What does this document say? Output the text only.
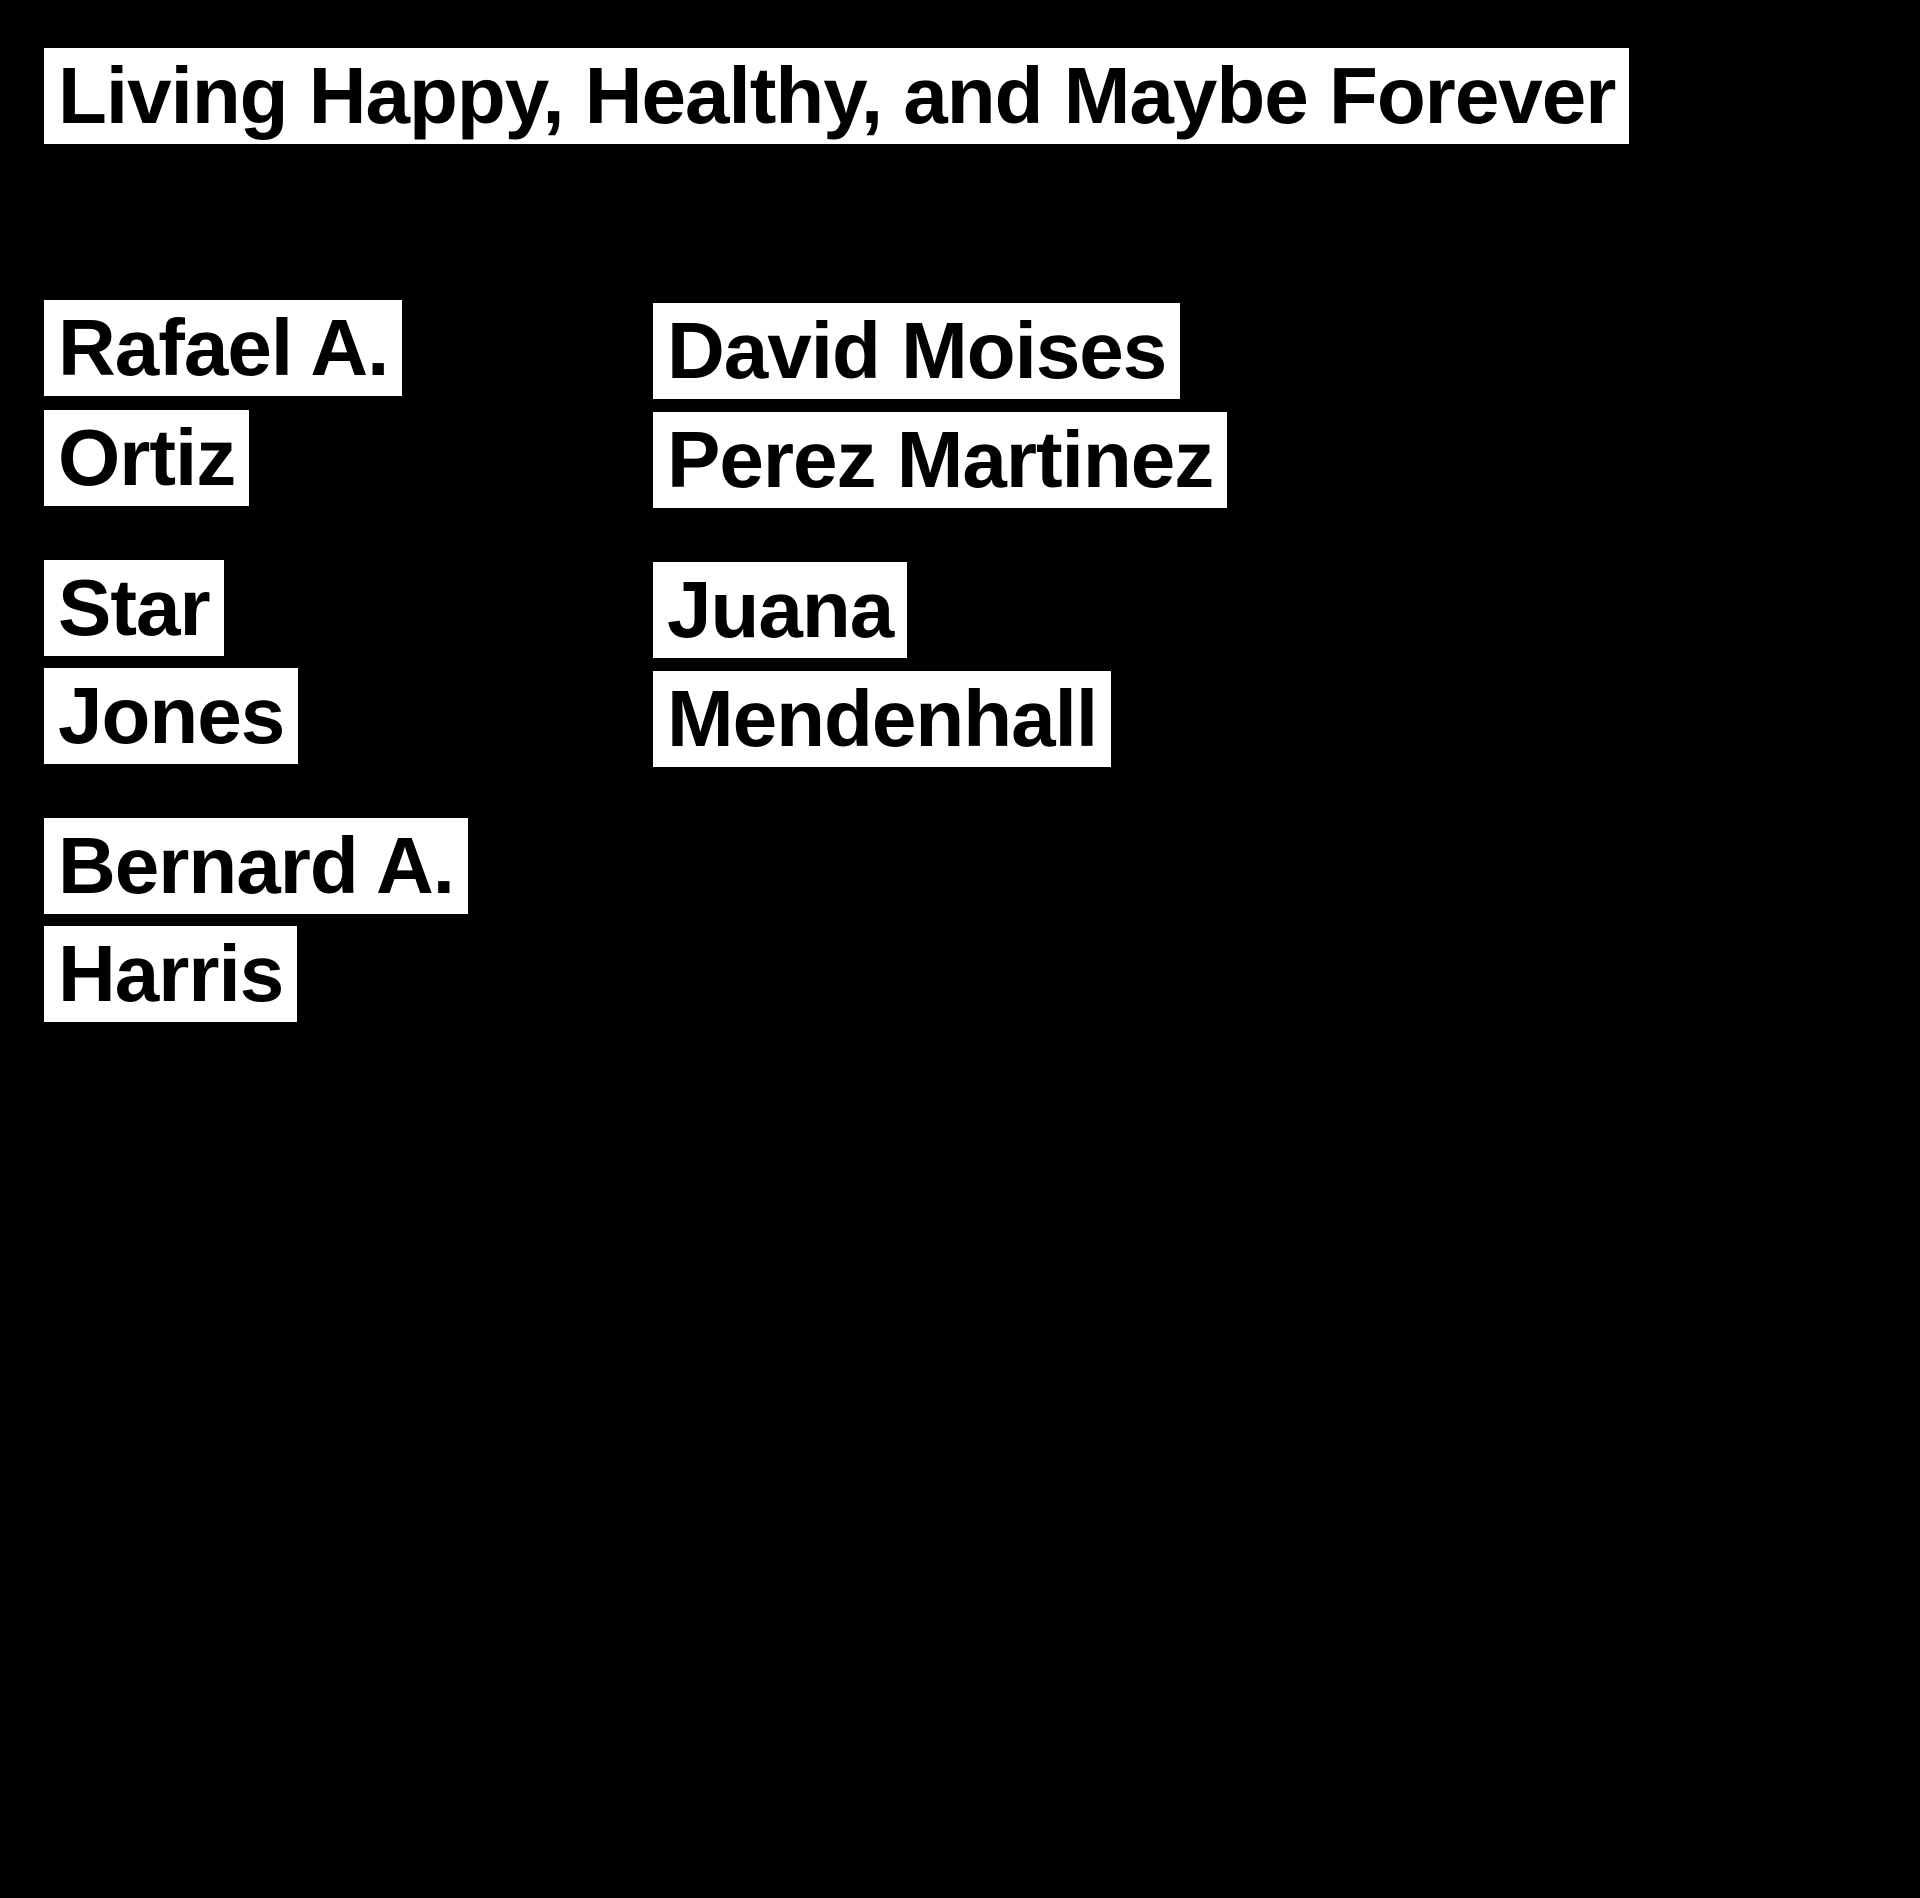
Living Happy, Healthy, and Maybe Forever
Rafael A.
Ortiz
Star
Jones
Bernard A.
Harris
David Moises
Perez Martinez
Juana
Mendenhall
